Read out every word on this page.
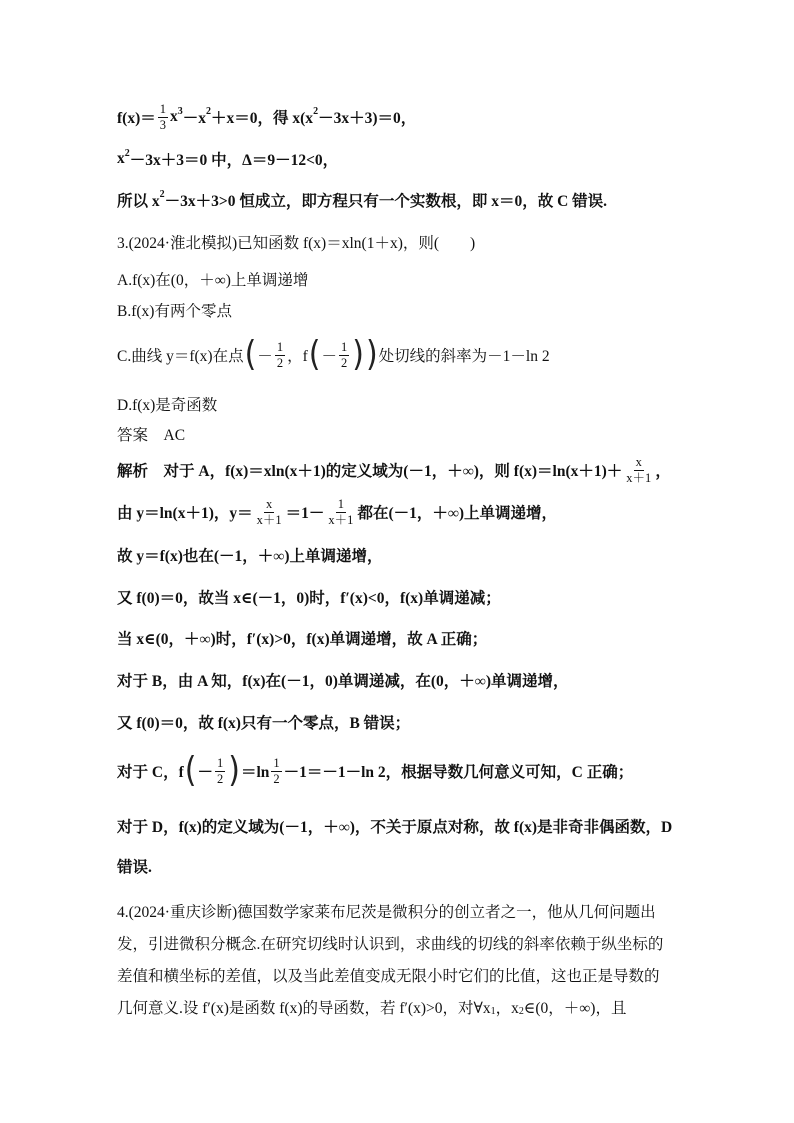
$f(x)= \frac{1}{3}$ x 3 －x 2 ＋x＝0，得 x(x 2 －3x＋3)＝0，
x 2 －3x＋3＝0 中，Δ＝9－12<0，
所以 x 2 －3x＋3>0 恒成立，即方程只有一个实数根，即 x＝0，故 C 错误.
3.(2024·淮北模拟)已知函数 f(x)＝xln(1＋x)，则(　　)
A.f(x)在(0，＋∞)上单调递增
B.f(x)有两个零点
C.曲线 y＝f(x)在点 ( － $\frac{1}{2}$ ，f ( － $\frac{1}{2}$ ) ) 处切线的斜率为－1－ln 2
D.f(x)是奇函数
答案　AC
解析　对于 A，f(x)＝xln(x＋1)的定义域为(－1，＋∞)，则 $f(x)=\ln(x+1)+ \frac{x}{x+1}$ ，
由 y＝ln(x＋1)，$y= \frac{x}{x+1} =1- \frac{1}{x+1}$ 都在(－1，＋∞)上单调递增，
故 y＝f(x)也在(－1，＋∞)上单调递增，
又 f(0)＝0，故当 x∈(－1，0)时，f′(x)<0，f(x)单调递减；
当 x∈(0，＋∞)时，f′(x)>0，f(x)单调递增，故 A 正确；
对于 B，由 A 知，f(x)在(－1，0)单调递减，在(0，＋∞)单调递增，
又 f(0)＝0，故 f(x)只有一个零点，B 错误；
对于 C，f ( － $\frac{1}{2}$ ) $=\ln \frac{1}{2} -1=-1-\ln$ 2，根据导数几何意义可知，C 正确；
对于 D，f(x)的定义域为(－1，＋∞)，不关于原点对称，故 f(x)是非奇非偶函数，D
错误.
4.(2024·重庆诊断)德国数学家莱布尼茨是微积分的创立者之一，他从几何问题出
发，引进微积分概念.在研究切线时认识到，求曲线的切线的斜率依赖于纵坐标的
差值和横坐标的差值，以及当此差值变成无限小时它们的比值，这也正是导数的
几何意义.设 f′(x)是函数 f(x)的导函数，若 f′(x)>0，对∀x 1 ，x 2 ∈(0，＋∞)，且
